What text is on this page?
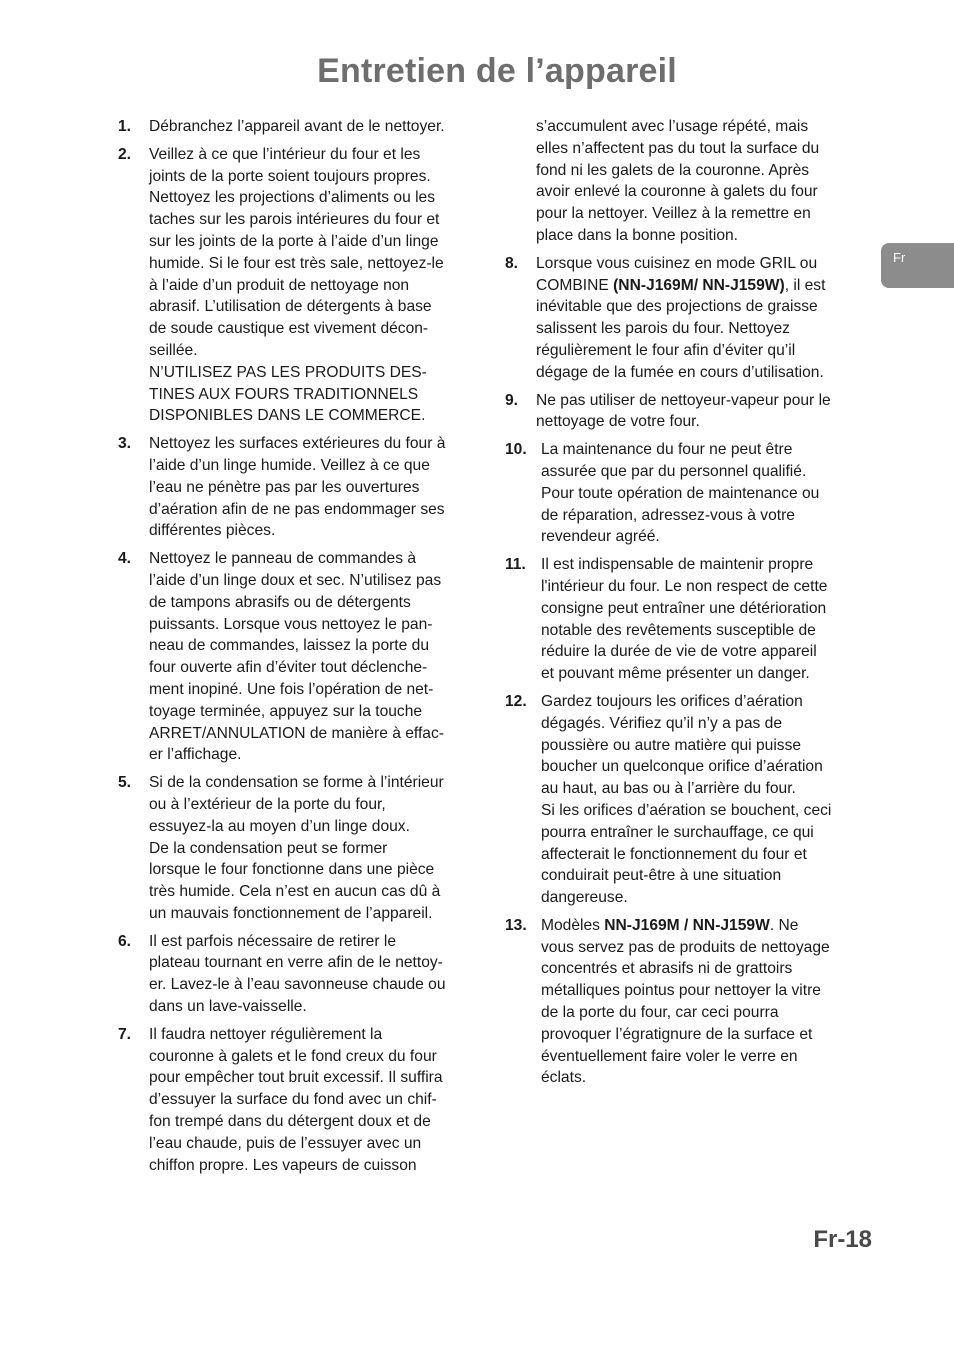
Entretien de l’appareil
1.	Débranchez l’appareil avant de le nettoyer.
2.	Veillez à ce que l’intérieur du four et les
joints de la porte soient toujours propres.
Nettoyez les projections d’aliments ou les
taches sur les parois intérieures du four et
sur les joints de la porte à l’aide d’un linge
humide. Si le four est très sale, nettoyez-le
à l’aide d’un produit de nettoyage non
abrasif. L’utilisation de détergents à base
de soude caustique est vivement décon-
seillée.
N’UTILISEZ PAS LES PRODUITS DES-
TINES AUX FOURS TRADITIONNELS
DISPONIBLES DANS LE COMMERCE.
3.	Nettoyez les surfaces extérieures du four à
l’aide d’un linge humide. Veillez à ce que
l’eau ne pénètre pas par les ouvertures
d’aération afin de ne pas endommager ses
différentes pièces.
4.	Nettoyez le panneau de commandes à
l’aide d’un linge doux et sec. N’utilisez pas
de tampons abrasifs ou de détergents
puissants. Lorsque vous nettoyez le pan-
neau de commandes, laissez la porte du
four ouverte afin d’éviter tout déclenche-
ment inopiné. Une fois l’opération de net-
toyage terminée, appuyez sur la touche
ARRET/ANNULATION de manière à effac-
er l’affichage.
5.	Si de la condensation se forme à l’intérieur
ou à l’extérieur de la porte du four,
essuyez-la au moyen d’un linge doux.
De la condensation peut se former
lorsque le four fonctionne dans une pièce
très humide. Cela n’est en aucun cas dû à
un mauvais fonctionnement de l’appareil.
6.	Il est parfois nécessaire de retirer le
plateau tournant en verre afin de le nettoy-
er. Lavez-le à l’eau savonneuse chaude ou
dans un lave-vaisselle.
7.	Il faudra nettoyer régulièrement la
couronne à galets et le fond creux du four
pour empêcher tout bruit excessif. Il suffira
d’essuyer la surface du fond avec un chif-
fon trempé dans du détergent doux et de
l’eau chaude, puis de l’essuyer avec un
chiffon propre. Les vapeurs de cuisson
s’accumulent avec l’usage répété, mais
elles n’affectent pas du tout la surface du
fond ni les galets de la couronne. Après
avoir enlevé la couronne à galets du four
pour la nettoyer. Veillez à la remettre en
place dans la bonne position.
8.	Lorsque vous cuisinez en mode GRIL ou
COMBINE (NN-J169M/ NN-J159W), il est
inévitable que des projections de graisse
salissent les parois du four. Nettoyez
régulièrement le four afin d’éviter qu’il
dégage de la fumée en cours d’utilisation.
9.	Ne pas utiliser de nettoyeur-vapeur pour le
nettoyage de votre four.
10. La maintenance du four ne peut être
assurée que par du personnel qualifié.
Pour toute opération de maintenance ou
de réparation, adressez-vous à votre
revendeur agréé.
11. Il est indispensable de maintenir propre
l'intérieur du four. Le non respect de cette
consigne peut entraîner une détérioration
notable des revêtements susceptible de
réduire la durée de vie de votre appareil
et pouvant même présenter un danger.
12. Gardez toujours les orifices d’aération
dégagés. Vérifiez qu’il n’y a pas de
poussière ou autre matière qui puisse
boucher un quelconque orifice d’aération
au haut, au bas ou à l’arrière du four.
Si les orifices d’aération se bouchent, ceci
pourra entraîner le surchauffage, ce qui
affecterait le fonctionnement du four et
conduirait peut-être à une situation
dangereuse.
13. Modèles NN-J169M / NN-J159W. Ne
vous servez pas de produits de nettoyage
concentrés et abrasifs ni de grattoirs
métalliques pointus pour nettoyer la vitre
de la porte du four, car ceci pourra
provoquer l’égratignure de la surface et
éventuellement faire voler le verre en
éclats.
Fr
Fr-18
